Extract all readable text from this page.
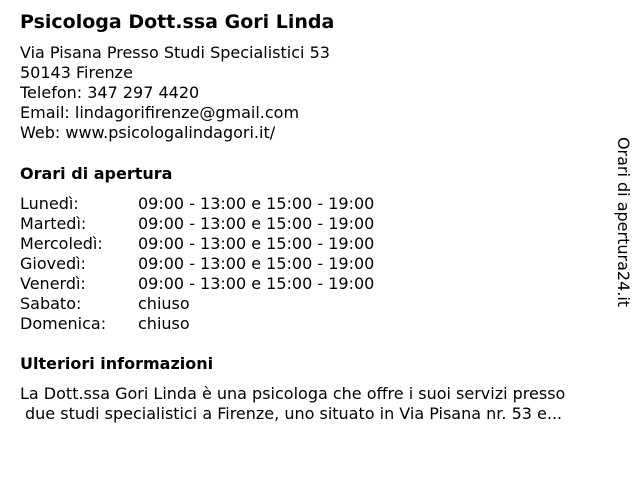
Psicologa Dott.ssa Gori Linda
Via Pisana Presso Studi Specialistici 53
50143 Firenze
Telefon: 347 297 4420
Email: lindagorifirenze@gmail.com
Web: www.psicologalindagori.it/
Orari di apertura
Lunedì:	09:00 - 13:00 e 15:00 - 19:00
Martedì:	09:00 - 13:00 e 15:00 - 19:00
Mercoledì: 09:00 - 13:00 e 15:00 - 19:00
Giovedì:	09:00 - 13:00 e 15:00 - 19:00
Venerdì:	09:00 - 13:00 e 15:00 - 19:00
Sabato:	chiuso
Domenica: chiuso
Ulteriori informazioni
La Dott.ssa Gori Linda è una psicologa che offre i suoi servizi presso
due studi specialistici a Firenze, uno situato in Via Pisana nr. 53 e...
Orari di apertura24.it
